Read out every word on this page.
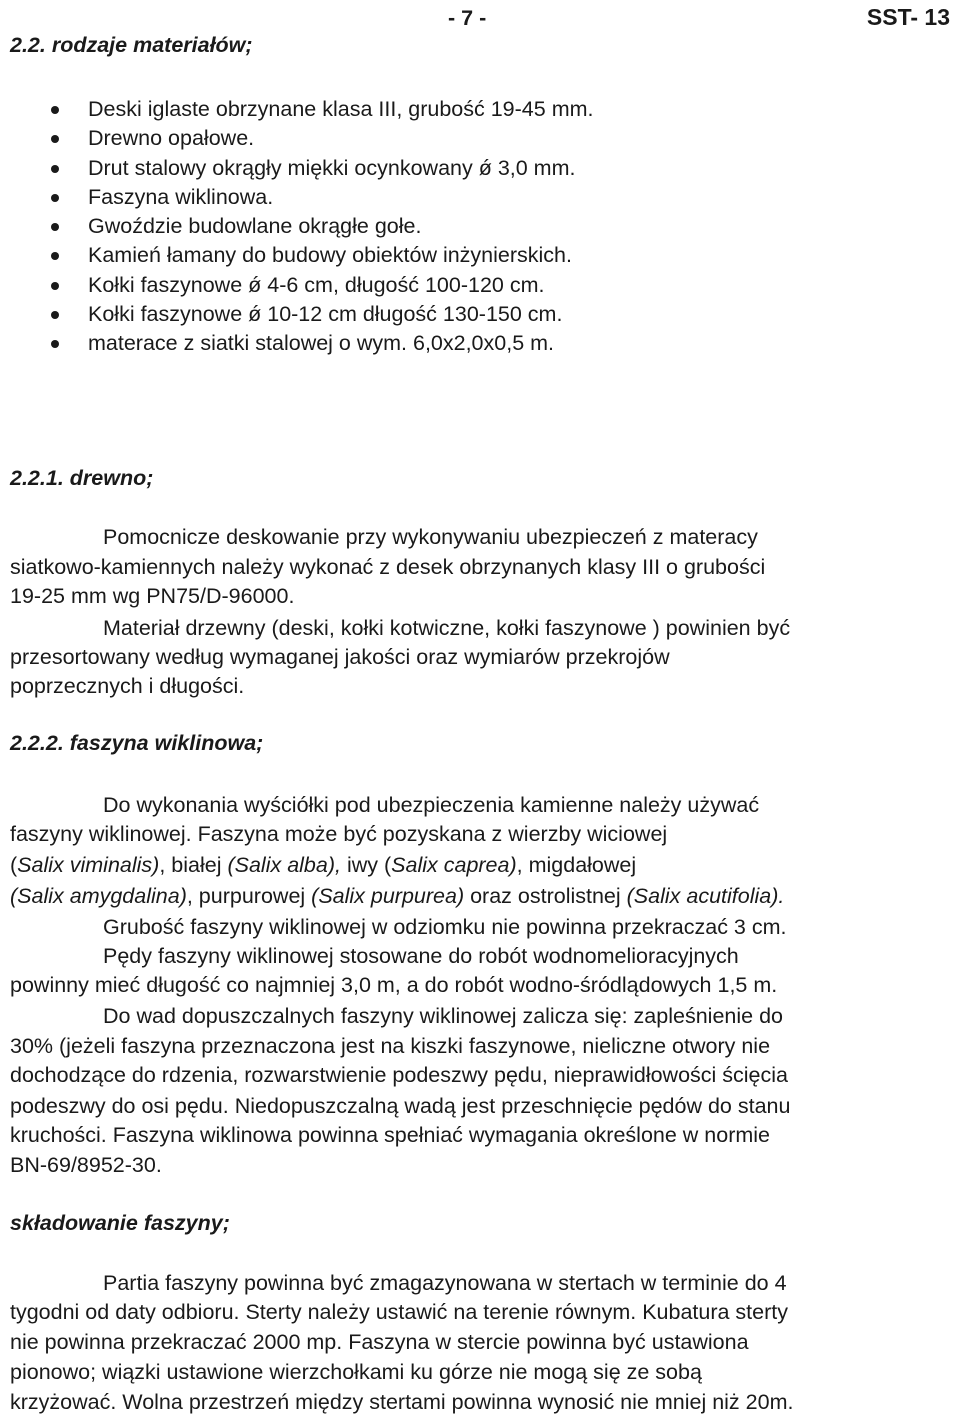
- 7 -	SST- 13
2.2. rodzaje materiałów;
Deski iglaste obrzynane klasa III, grubość 19-45 mm.
Drewno opałowe.
Drut stalowy okrągły miękki ocynkowany ǿ 3,0 mm.
Faszyna wiklinowa.
Gwoździe budowlane okrągłe gołe.
Kamień łamany do budowy obiektów inżynierskich.
Kołki faszynowe ǿ 4-6 cm, długość 100-120 cm.
Kołki faszynowe ǿ 10-12 cm długość 130-150 cm.
materace z siatki stalowej o wym. 6,0x2,0x0,5 m.
2.2.1. drewno;
Pomocnicze deskowanie przy wykonywaniu ubezpieczeń z materacy
siatkowo-kamiennych należy wykonać z desek obrzynanych klasy III o grubości
19-25 mm wg PN75/D-96000.
Materiał drzewny (deski, kołki kotwiczne, kołki faszynowe ) powinien być
przesortowany według wymaganej jakości oraz wymiarów przekrojów
poprzecznych i długości.
2.2.2. faszyna wiklinowa;
Do wykonania wyściółki pod ubezpieczenia kamienne należy używać
faszyny wiklinowej. Faszyna może być pozyskana z wierzby wiciowej
(Salix viminalis), białej (Salix alba), iwy (Salix caprea), migdałowej
(Salix amygdalina), purpurowej (Salix purpurea) oraz ostrolistnej (Salix acutifolia).
Grubość faszyny wiklinowej w odziomku nie powinna przekraczać 3 cm.
Pędy faszyny wiklinowej stosowane do robót wodnomelioracyjnych
powinny mieć długość co najmniej 3,0 m, a do robót wodno-śródlądowych 1,5 m.
Do wad dopuszczalnych faszyny wiklinowej zalicza się: zapleśnienie do
30% (jeżeli faszyna przeznaczona jest na kiszki faszynowe, nieliczne otwory nie
dochodzące do rdzenia, rozwarstwienie podeszwy pędu, nieprawidłowości ścięcia
podeszwy do osi pędu. Niedopuszczalną wadą jest przeschnięcie pędów do stanu
kruchości. Faszyna wiklinowa powinna spełniać wymagania określone w normie
BN-69/8952-30.
składowanie faszyny;
Partia faszyny powinna być zmagazynowana w stertach w terminie do 4
tygodni od daty odbioru. Sterty należy ustawić na terenie równym. Kubatura sterty
nie powinna przekraczać 2000 mp. Faszyna w stercie powinna być ustawiona
pionowo; wiązki ustawione wierzchołkami ku górze nie mogą się ze sobą
krzyżować. Wolna przestrzeń między stertami powinna wynosić nie mniej niż 20m.
